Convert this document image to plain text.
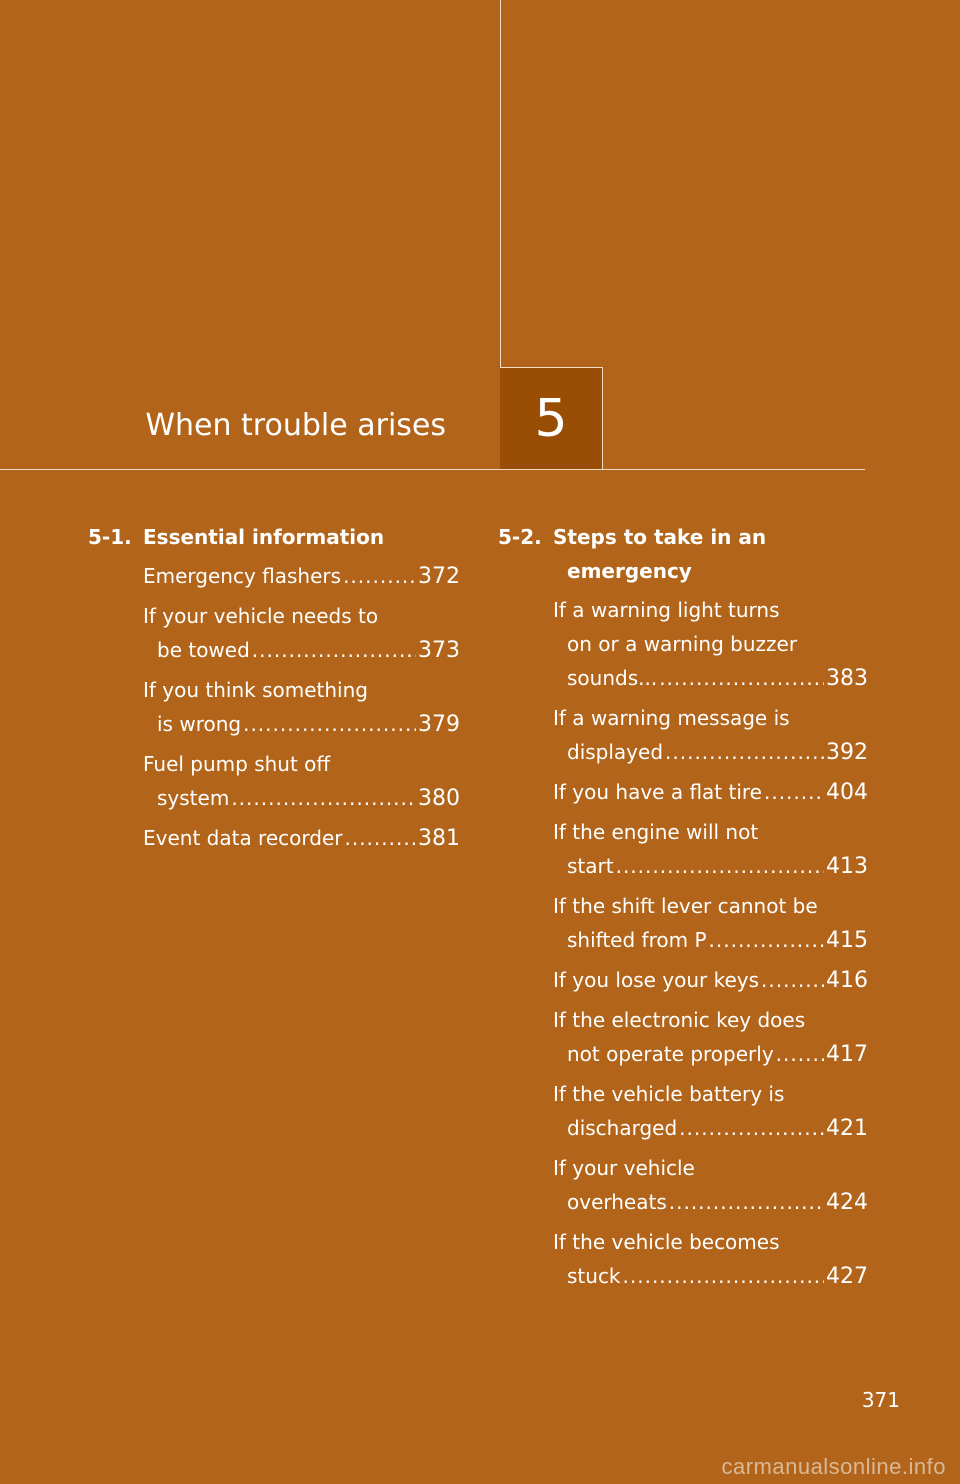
When trouble arises 5
5-1. Essential information
Emergency flashers .....	372
If your vehicle needs to
be towed .....	373
If you think something
is wrong .....	379
Fuel pump shut off
system .....	380
Event data recorder .....	381
5-2. Steps to take in an
emergency
If a warning light turns
on or a warning buzzer
sounds... .....	383
If a warning message is
displayed .....	392
If you have a flat tire .....	404
If the engine will not
start .....	413
If the shift lever cannot be
shifted from P .....	415
If you lose your keys .....	416
If the electronic key does
not operate properly ..... 417
If the vehicle battery is
discharged .....	421
If your vehicle
overheats .....	424
If the vehicle becomes
stuck .....	427
371
carmanualsonline.info
